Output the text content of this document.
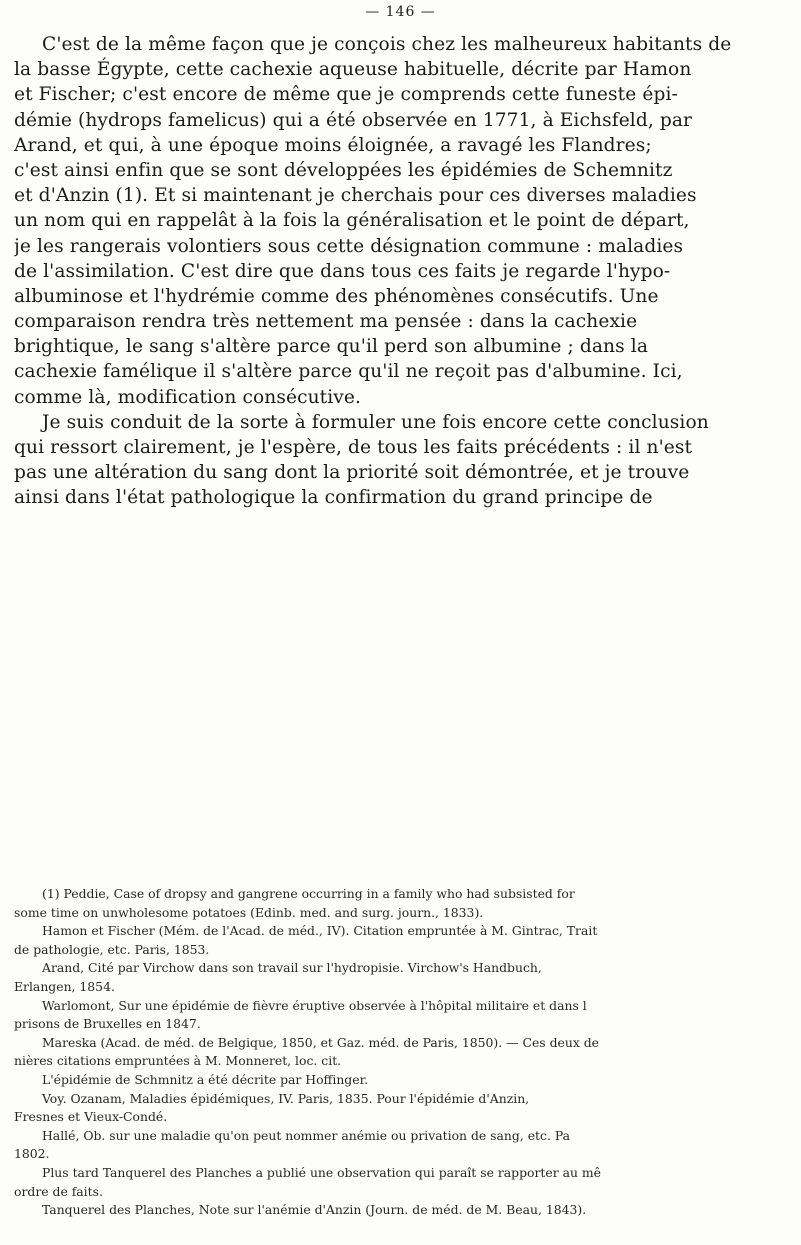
— 146 —
C'est de la même façon que je conçois chez les malheureux habitants de
la basse Égypte, cette cachexie aqueuse habituelle, décrite par Hamon
et Fischer; c'est encore de même que je comprends cette funeste épi-
démie (hydrops famelicus) qui a été observée en 1771, à Eichsfeld, par
Arand, et qui, à une époque moins éloignée, a ravagé les Flandres;
c'est ainsi enfin que se sont développées les épidémies de Schemnitz
et d'Anzin (1). Et si maintenant je cherchais pour ces diverses maladies
un nom qui en rappelât à la fois la généralisation et le point de départ,
je les rangerais volontiers sous cette désignation commune : maladies
de l'assimilation. C'est dire que dans tous ces faits je regarde l'hypo-
albuminose et l'hydrémie comme des phénomènes consécutifs. Une
comparaison rendra très nettement ma pensée : dans la cachexie
brightique, le sang s'altère parce qu'il perd son albumine ; dans la
cachexie famélique il s'altère parce qu'il ne reçoit pas d'albumine. Ici,
comme là, modification consécutive.
Je suis conduit de la sorte à formuler une fois encore cette conclusion
qui ressort clairement, je l'espère, de tous les faits précédents : il n'est
pas une altération du sang dont la priorité soit démontrée, et je trouve
ainsi dans l'état pathologique la confirmation du grand principe de
(1) Peddie, Case of dropsy and gangrene occurring in a family who had subsisted for
some time on unwholesome potatoes (Edinb. med. and surg. journ., 1833).
Hamon et Fischer (Mém. de l'Acad. de méd., IV). Citation empruntée à M. Gintrac, Trait
de pathologie, etc. Paris, 1853.
Arand, Cité par Virchow dans son travail sur l'hydropisie. Virchow's Handbuch,
Erlangen, 1854.
Warlomont, Sur une épidémie de fièvre éruptive observée à l'hôpital militaire et dans l
prisons de Bruxelles en 1847.
Mareska (Acad. de méd. de Belgique, 1850, et Gaz. méd. de Paris, 1850). — Ces deux de
nières citations empruntées à M. Monneret, loc. cit.
L'épidémie de Schmnitz a été décrite par Hoffinger.
Voy. Ozanam, Maladies épidémiques, IV. Paris, 1835. Pour l'épidémie d'Anzin,
Fresnes et Vieux-Condé.
Hallé, Ob. sur une maladie qu'on peut nommer anémie ou privation de sang, etc. Pa
1802.
Plus tard Tanquerel des Planches a publié une observation qui paraît se rapporter au mê
ordre de faits.
Tanquerel des Planches, Note sur l'anémie d'Anzin (Journ. de méd. de M. Beau, 1843).
